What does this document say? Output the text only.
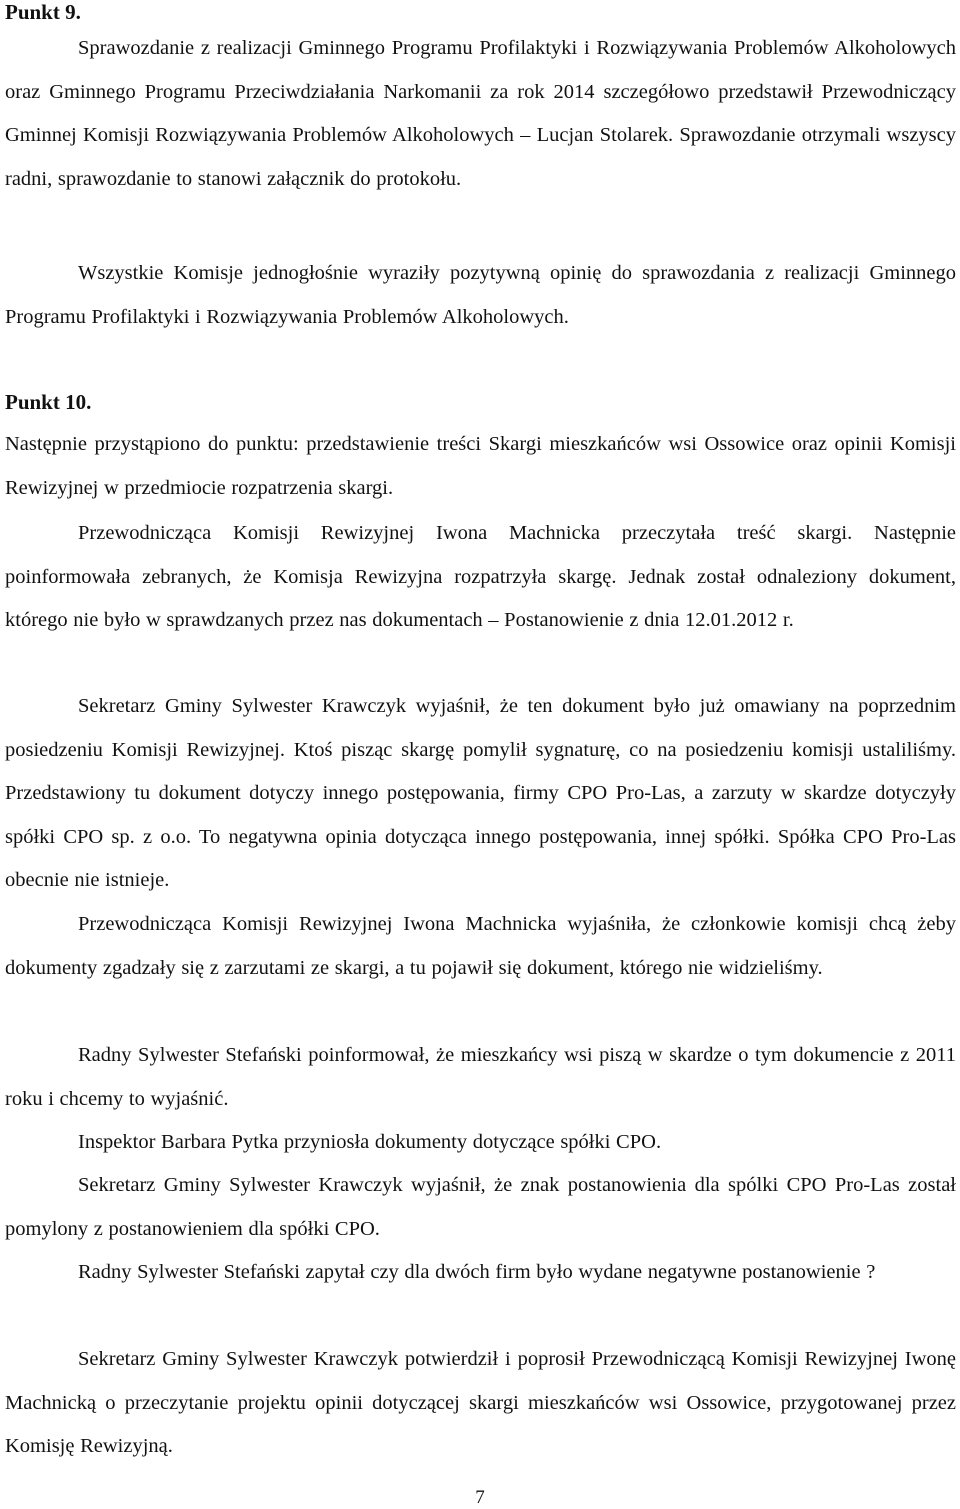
Punkt 9.

Sprawozdanie z realizacji Gminnego Programu Profilaktyki i Rozwiązywania Problemów Alkoholowych oraz Gminnego Programu Przeciwdziałania Narkomanii za rok 2014 szczegółowo przedstawił Przewodniczący Gminnej Komisji Rozwiązywania Problemów Alkoholowych – Lucjan Stolarek. Sprawozdanie otrzymali wszyscy radni, sprawozdanie to stanowi załącznik do protokołu.

Wszystkie Komisje jednogłośnie wyraziły pozytywną opinię do sprawozdania z realizacji Gminnego Programu Profilaktyki i Rozwiązywania Problemów Alkoholowych.

Punkt 10.

Następnie przystąpiono do punktu: przedstawienie treści Skargi mieszkańców wsi Ossowice oraz opinii Komisji Rewizyjnej w przedmiocie rozpatrzenia skargi.

Przewodnicząca Komisji Rewizyjnej Iwona Machnicka przeczytała treść skargi. Następnie poinformowała zebranych, że Komisja Rewizyjna rozpatrzyła skargę. Jednak został odnaleziony dokument, którego nie było w sprawdzanych przez nas dokumentach – Postanowienie z dnia 12.01.2012 r.

Sekretarz Gminy Sylwester Krawczyk wyjaśnił, że ten dokument było już omawiany na poprzednim posiedzeniu Komisji Rewizyjnej. Ktoś pisząc skargę pomylił sygnaturę, co na posiedzeniu komisji ustaliliśmy. Przedstawiony tu dokument dotyczy innego postępowania, firmy CPO Pro-Las, a zarzuty w skardze dotyczyły spółki CPO sp. z o.o. To negatywna opinia dotycząca innego postępowania, innej spółki. Spółka CPO Pro-Las obecnie nie istnieje.

Przewodnicząca Komisji Rewizyjnej Iwona Machnicka wyjaśniła, że członkowie komisji chcą żeby dokumenty zgadzały się z zarzutami ze skargi, a tu pojawił się dokument, którego nie widzieliśmy.

Radny Sylwester Stefański poinformował, że mieszkańcy wsi piszą w skardze o tym dokumencie z 2011 roku i chcemy to wyjaśnić.

Inspektor Barbara Pytka przyniosła dokumenty dotyczące spółki CPO.

Sekretarz Gminy Sylwester Krawczyk wyjaśnił, że znak postanowienia dla spólki CPO Pro-Las został pomylony z postanowieniem dla spółki CPO.

Radny Sylwester Stefański zapytał czy dla dwóch firm było wydane negatywne postanowienie ?

Sekretarz Gminy Sylwester Krawczyk potwierdził i poprosił Przewodniczącą Komisji Rewizyjnej Iwonę Machnicką o przeczytanie projektu opinii dotyczącej skargi mieszkańców wsi Ossowice, przygotowanej przez Komisję Rewizyjną.

7
